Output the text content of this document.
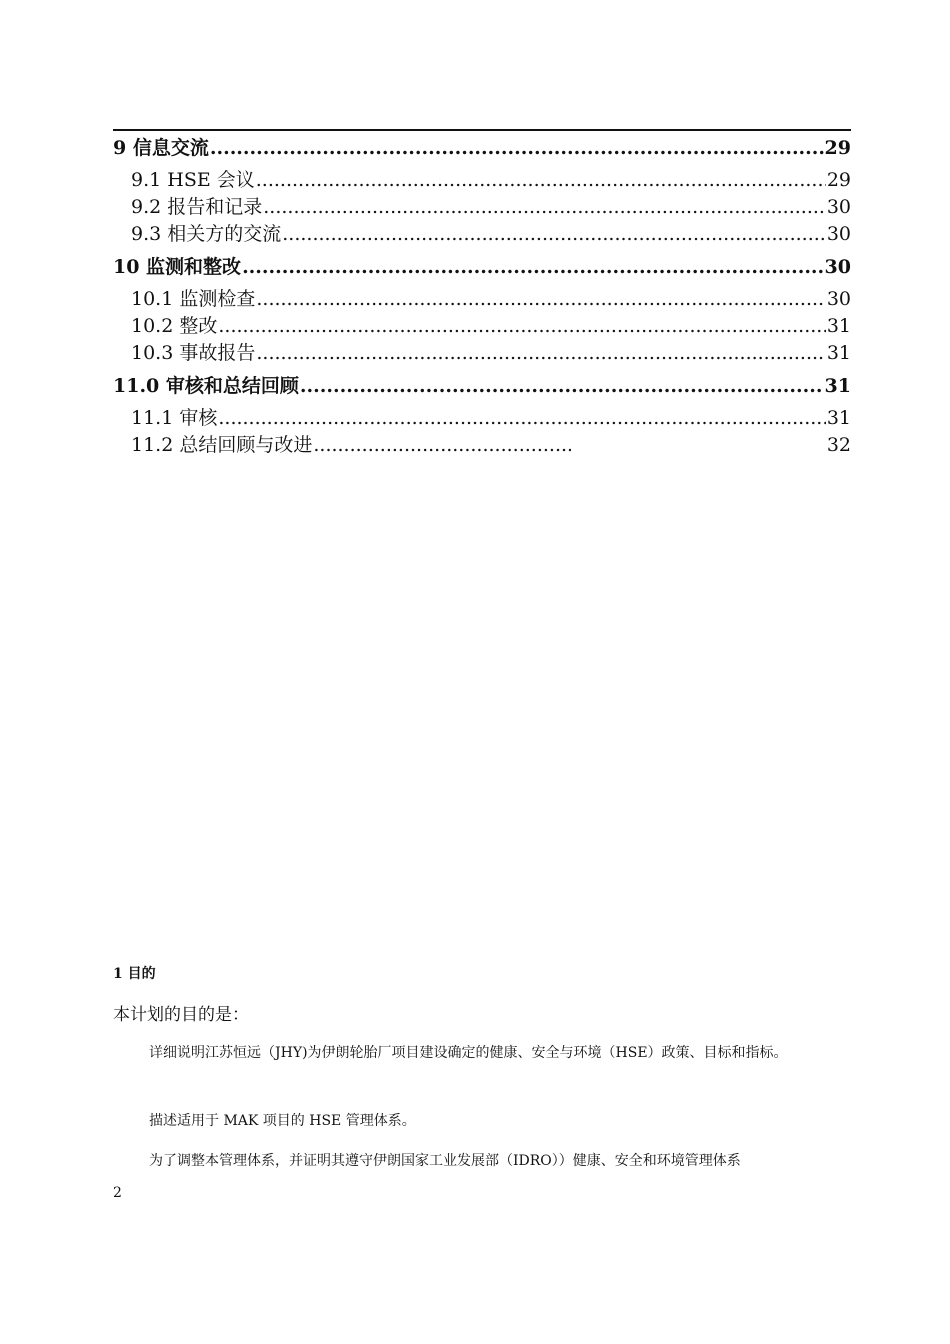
9 信息交流 .....	29
9.1 HSE 会议 .....	29
9.2 报告和记录 .....	30
9.3 相关方的交流 .....	30
10 监测和整改 .....	30
10.1 监测检查 .....	30
10.2 整改 .....	31
10.3 事故报告 .....	31
11.0 审核和总结回顾 .....	31
11.1 审核 .....	31
11.2 总结回顾与改进 .....	32
1 目的
本计划的目的是：
详细说明江苏恒远（JHY)为伊朗轮胎厂项目建设确定的健康、安全与环境（HSE）政策、目标和指标。
描述适用于 MAK 项目的 HSE 管理体系。
为了调整本管理体系，并证明其遵守伊朗国家工业发展部（IDRO））健康、安全和环境管理体系
2
